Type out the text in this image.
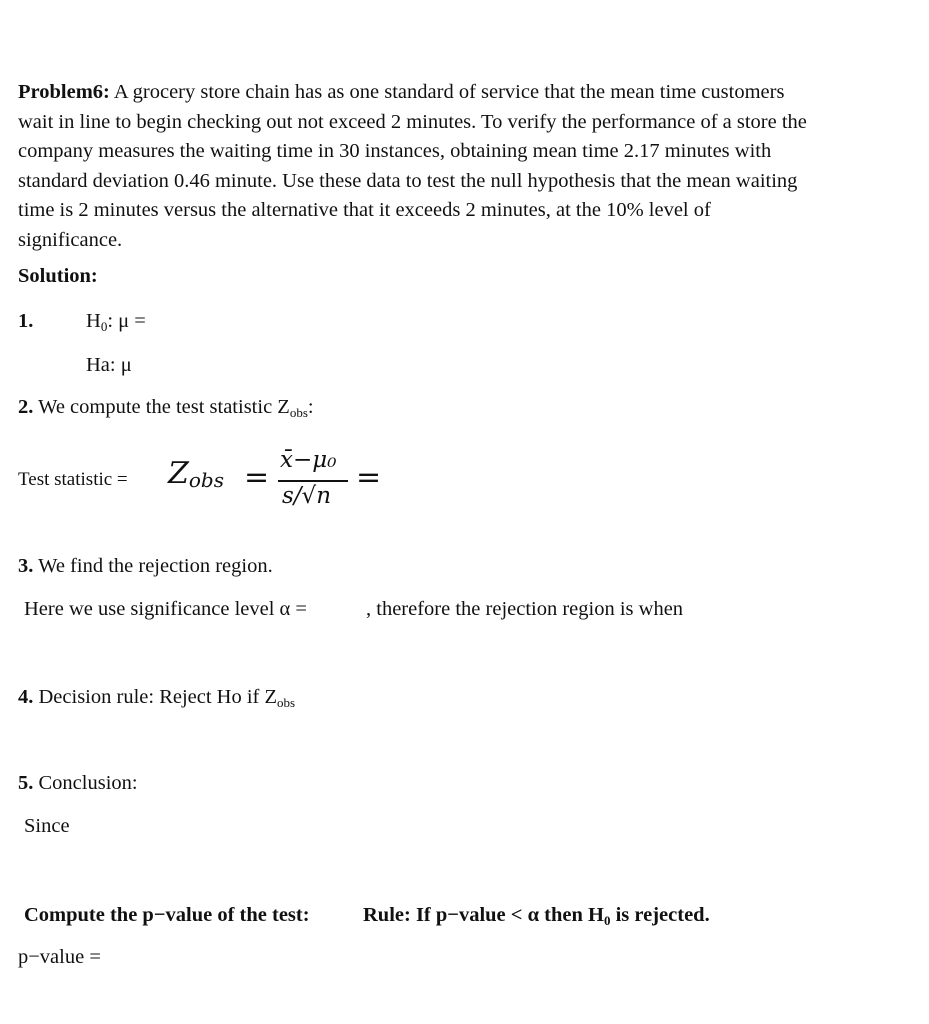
Problem6: A grocery store chain has as one standard of service that the mean time customers
wait in line to begin checking out not exceed 2 minutes. To verify the performance of a store the
company measures the waiting time in 30 instances, obtaining mean time 2.17 minutes with
standard deviation 0.46 minute. Use these data to test the null hypothesis that the mean waiting
time is 2 minutes versus the alternative that it exceeds 2 minutes, at the 10% level of
significance.
Solution:
1.	H0: μ =
Ha: μ
2. We compute the test statistic Zobs:
Test statistic = Zobs = x̄−μ₀
s/√n
=
3. We find the rejection region.
Here we use significance level α =	, therefore the rejection region is when
4. Decision rule: Reject Ho if Zobs
5. Conclusion:
Since
Compute the p−value of the test:	Rule: If p−value < α then H0 is rejected.
p−value =
